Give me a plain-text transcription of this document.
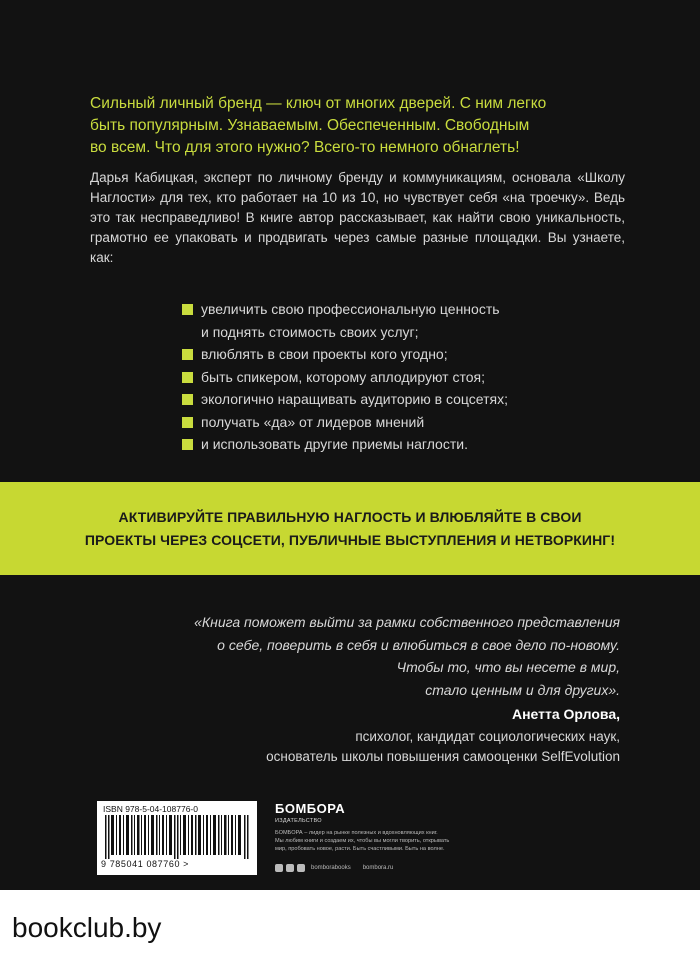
Сильный личный бренд — ключ от многих дверей. С ним легко
быть популярным. Узнаваемым. Обеспеченным. Свободным
во всем. Что для этого нужно? Всего-то немного обнаглеть!

Дарья Кабицкая, эксперт по личному бренду и коммуникациям, основала «Школу Наглости» для тех, кто работает на 10 из 10, но чувствует себя «на троечку». Ведь это так несправедливо! В книге автор рассказывает, как найти свою уникальность, грамотно ее упаковать и продвигать через самые разные площадки. Вы узнаете, как:

увеличить свою профессиональную ценность
и поднять стоимость своих услуг;
влюблять в свои проекты кого угодно;
быть спикером, которому аплодируют стоя;
экологично наращивать аудиторию в соцсетях;
получать «да» от лидеров мнений
и использовать другие приемы наглости.

АКТИВИРУЙТЕ ПРАВИЛЬНУЮ НАГЛОСТЬ И ВЛЮБЛЯЙТЕ В СВОИ
ПРОЕКТЫ ЧЕРЕЗ СОЦСЕТИ, ПУБЛИЧНЫЕ ВЫСТУПЛЕНИЯ И НЕТВОРКИНГ!

«Книга поможет выйти за рамки собственного представления
о себе, поверить в себя и влюбиться в свое дело по-новому.
Чтобы то, что вы несете в мир,
стало ценным и для других».

Анетта Орлова,

психолог, кандидат социологических наук,
основатель школы повышения самооценки SelfEvolution

ISBN 978-5-04-108776-0

9 785041 087760 >

БОМБОРА

ИЗДАТЕЛЬСТВО

БОМБОРА – лидер на рынке полезных и вдохновляющих книг.
Мы любим книги и создаем их, чтобы вы могли творить, открывать
мир, пробовать новое, расти. Быть счастливыми. Быть на волне.

bomborabooks bombora.ru

bookclub.by
